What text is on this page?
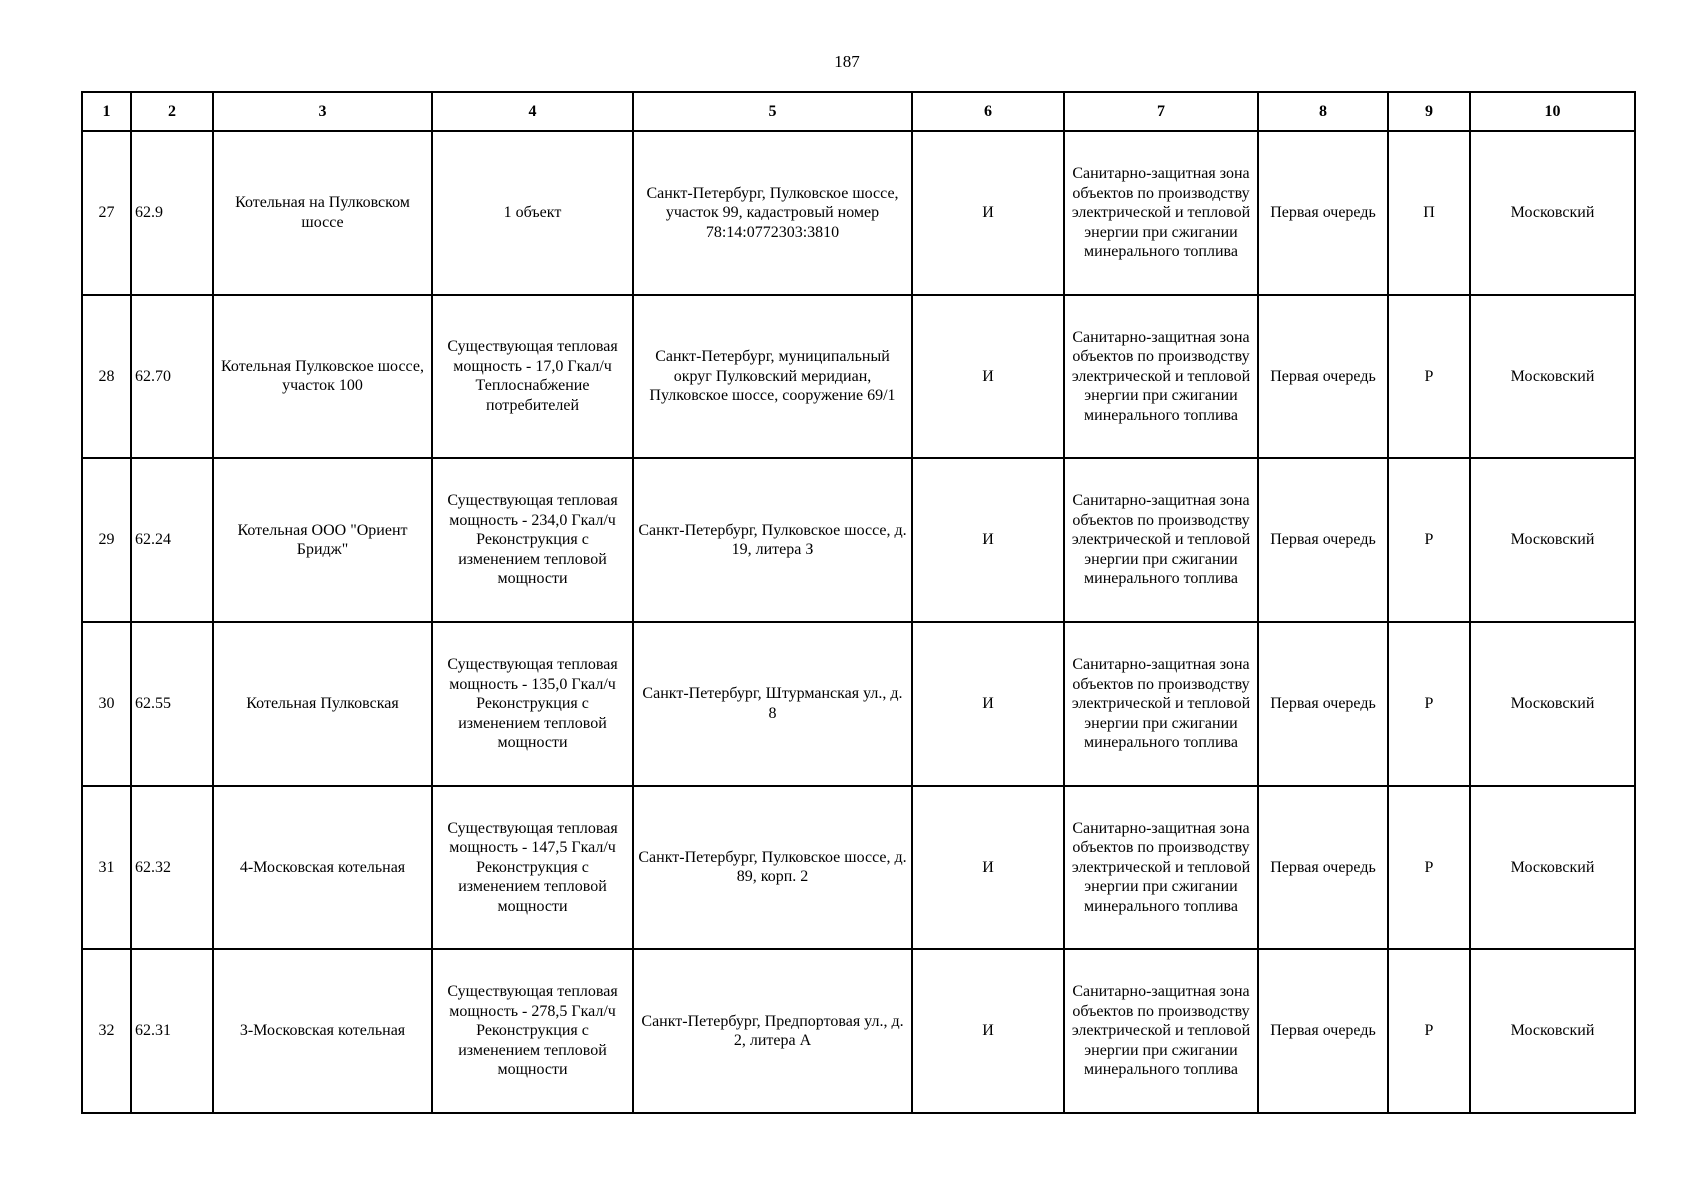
187
1	2	3	4	5	6	7	8	9	10
27	62.9	Котельная на Пулковском шоссе	1 объект	Санкт-Петербург, Пулковское шоссе, участок 99, кадастровый номер 78:14:0772303:3810	И	Санитарно-защитная зона объектов по производству электрической и тепловой энергии при сжигании минерального топлива	Первая очередь	П	Московский
28	62.70	Котельная Пулковское шоссе, участок 100	Существующая тепловая мощность - 17,0 Гкал/ч Теплоснабжение потребителей	Санкт-Петербург, муниципальный округ Пулковский меридиан, Пулковское шоссе, сооружение 69/1	И	Санитарно-защитная зона объектов по производству электрической и тепловой энергии при сжигании минерального топлива	Первая очередь	Р	Московский
29	62.24	Котельная ООО "Ориент Бридж"	Существующая тепловая мощность - 234,0 Гкал/ч Реконструкция с изменением тепловой мощности	Санкт-Петербург, Пулковское шоссе, д. 19, литера З	И	Санитарно-защитная зона объектов по производству электрической и тепловой энергии при сжигании минерального топлива	Первая очередь	Р	Московский
30	62.55	Котельная Пулковская	Существующая тепловая мощность - 135,0 Гкал/ч Реконструкция с изменением тепловой мощности	Санкт-Петербург, Штурманская ул., д. 8	И	Санитарно-защитная зона объектов по производству электрической и тепловой энергии при сжигании минерального топлива	Первая очередь	Р	Московский
31	62.32	4-Московская котельная	Существующая тепловая мощность - 147,5 Гкал/ч Реконструкция с изменением тепловой мощности	Санкт-Петербург, Пулковское шоссе, д. 89, корп. 2	И	Санитарно-защитная зона объектов по производству электрической и тепловой энергии при сжигании минерального топлива	Первая очередь	Р	Московский
32	62.31	3-Московская котельная	Существующая тепловая мощность - 278,5 Гкал/ч Реконструкция с изменением тепловой мощности	Санкт-Петербург, Предпортовая ул., д. 2, литера А	И	Санитарно-защитная зона объектов по производству электрической и тепловой энергии при сжигании минерального топлива	Первая очередь	Р	Московский
